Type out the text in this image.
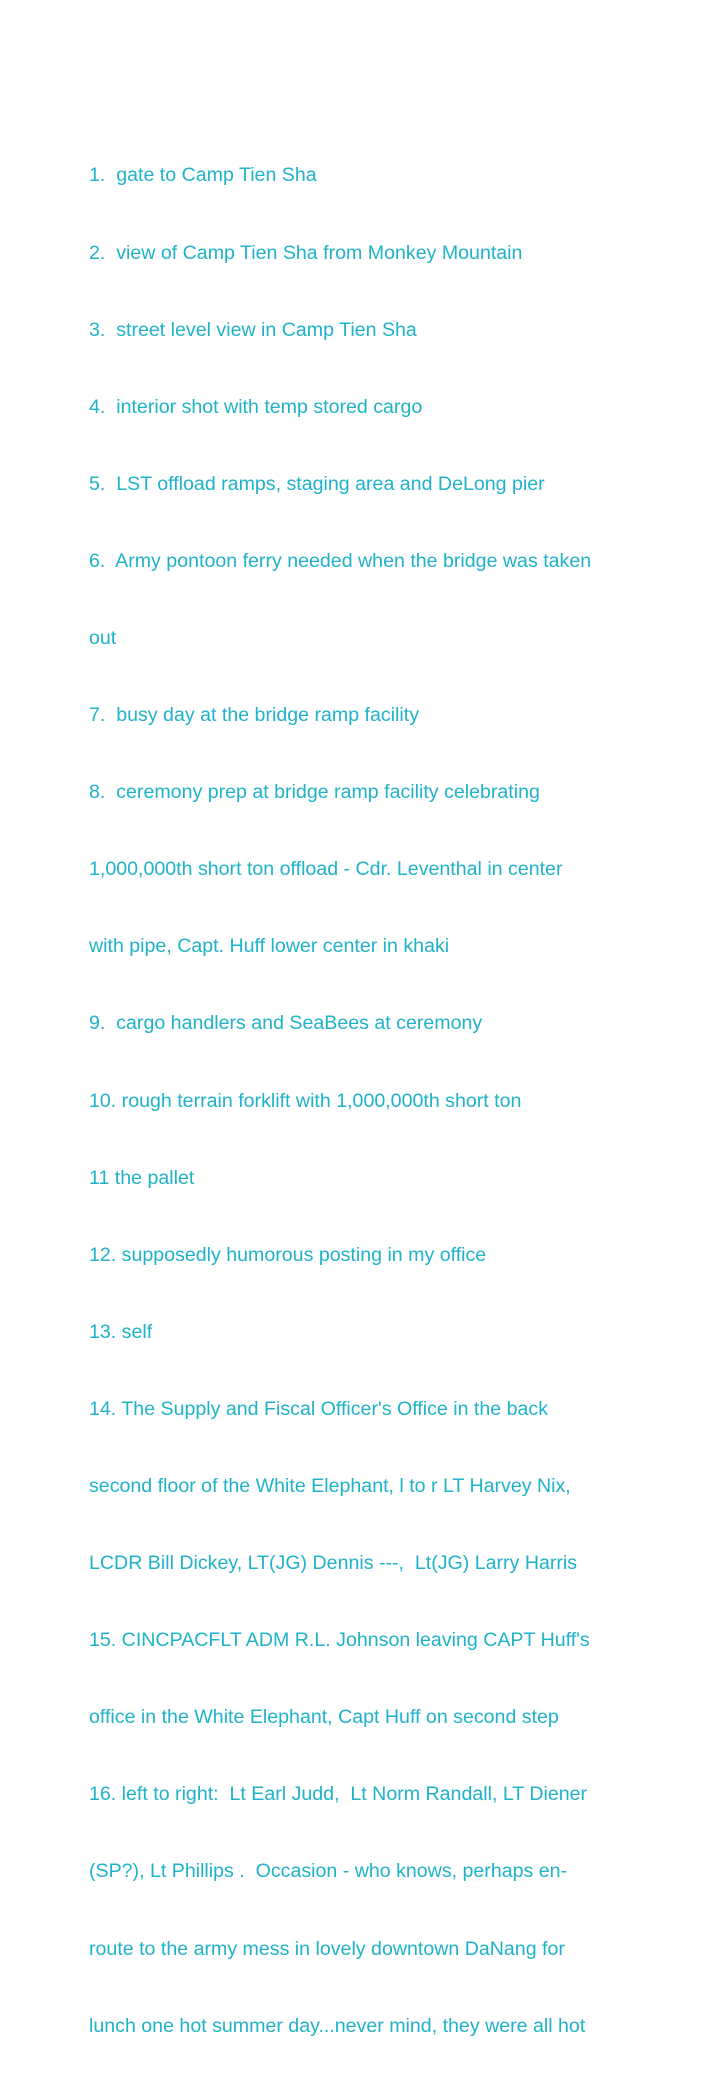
1.  gate to Camp Tien Sha

2.  view of Camp Tien Sha from Monkey Mountain

3.  street level view in Camp Tien Sha

4.  interior shot with temp stored cargo

5.  LST offload ramps, staging area and DeLong pier

6.  Army pontoon ferry needed when the bridge was taken

out

7.  busy day at the bridge ramp facility

8.  ceremony prep at bridge ramp facility celebrating

1,000,000th short ton offload - Cdr. Leventhal in center

with pipe, Capt. Huff lower center in khaki

9.  cargo handlers and SeaBees at ceremony

10. rough terrain forklift with 1,000,000th short ton

11 the pallet

12. supposedly humorous posting in my office

13. self

14. The Supply and Fiscal Officer's Office in the back

second floor of the White Elephant, l to r LT Harvey Nix,

LCDR Bill Dickey, LT(JG) Dennis ---,  Lt(JG) Larry Harris

15. CINCPACFLT ADM R.L. Johnson leaving CAPT Huff's

office in the White Elephant, Capt Huff on second step

16. left to right:  Lt Earl Judd,  Lt Norm Randall, LT Diener

(SP?), Lt Phillips .  Occasion - who knows, perhaps en-

route to the army mess in lovely downtown DaNang for

lunch one hot summer day...never mind, they were all hot
